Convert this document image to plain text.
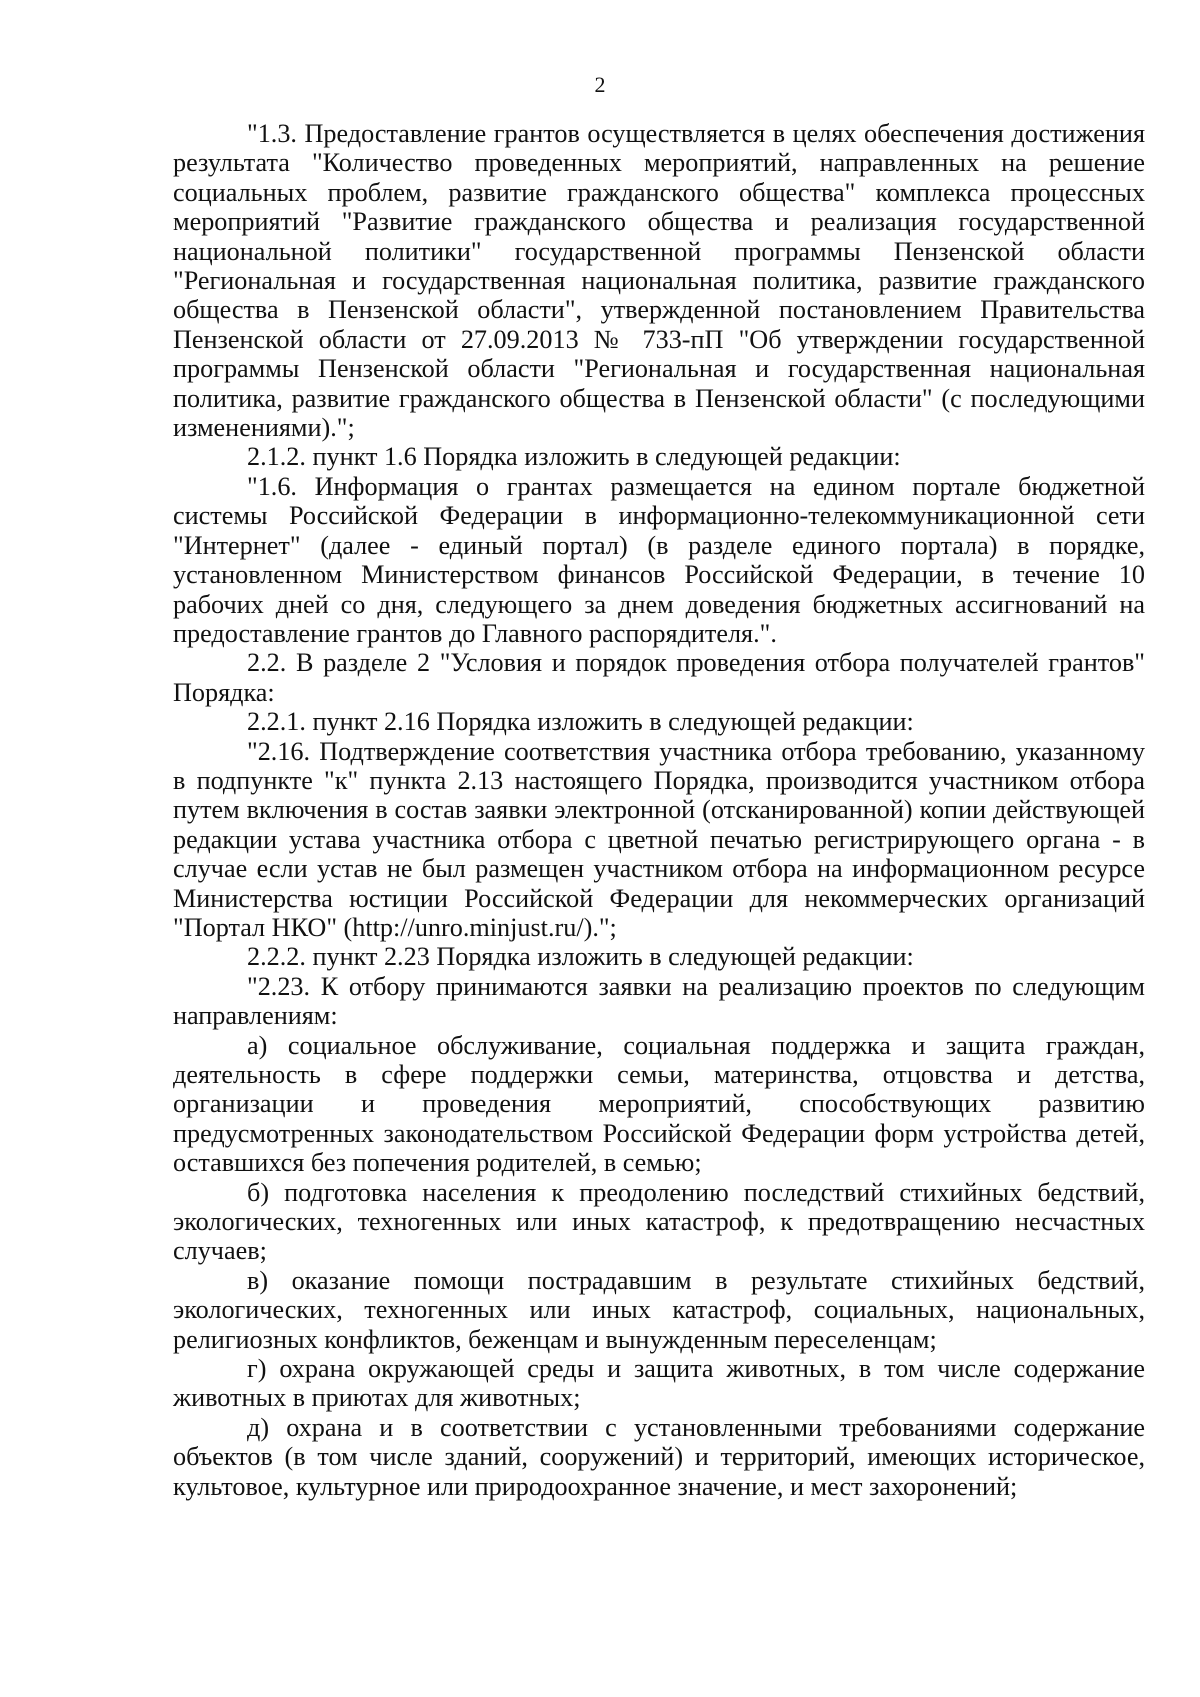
2

"1.3. Предоставление грантов осуществляется в целях обеспечения достижения результата "Количество проведенных мероприятий, направленных на решение социальных проблем, развитие гражданского общества" комплекса процессных мероприятий "Развитие гражданского общества и реализация государственной национальной политики" государственной программы Пензенской области "Региональная и государственная национальная политика, развитие гражданского общества в Пензенской области", утвержденной постановлением Правительства Пензенской области от 27.09.2013 № 733-пП "Об утверждении государственной программы Пензенской области "Региональная и государственная национальная политика, развитие гражданского общества в Пензенской области" (с последующими изменениями).";

2.1.2. пункт 1.6 Порядка изложить в следующей редакции:

"1.6. Информация о грантах размещается на едином портале бюджетной системы Российской Федерации в информационно-телекоммуникационной сети "Интернет" (далее - единый портал) (в разделе единого портала) в порядке, установленном Министерством финансов Российской Федерации, в течение 10 рабочих дней со дня, следующего за днем доведения бюджетных ассигнований на предоставление грантов до Главного распорядителя.".

2.2. В разделе 2 "Условия и порядок проведения отбора получателей грантов" Порядка:

2.2.1. пункт 2.16 Порядка изложить в следующей редакции:

"2.16. Подтверждение соответствия участника отбора требованию, указанному в подпункте "к" пункта 2.13 настоящего Порядка, производится участником отбора путем включения в состав заявки электронной (отсканированной) копии действующей редакции устава участника отбора с цветной печатью регистрирующего органа - в случае если устав не был размещен участником отбора на информационном ресурсе Министерства юстиции Российской Федерации для некоммерческих организаций "Портал НКО" (http://unro.minjust.ru/).";

2.2.2. пункт 2.23 Порядка изложить в следующей редакции:

"2.23. К отбору принимаются заявки на реализацию проектов по следующим направлениям:

а) социальное обслуживание, социальная поддержка и защита граждан, деятельность в сфере поддержки семьи, материнства, отцовства и детства, организации и проведения мероприятий, способствующих развитию предусмотренных законодательством Российской Федерации форм устройства детей, оставшихся без попечения родителей, в семью;

б) подготовка населения к преодолению последствий стихийных бедствий, экологических, техногенных или иных катастроф, к предотвращению несчастных случаев;

в) оказание помощи пострадавшим в результате стихийных бедствий, экологических, техногенных или иных катастроф, социальных, национальных, религиозных конфликтов, беженцам и вынужденным переселенцам;

г) охрана окружающей среды и защита животных, в том числе содержание животных в приютах для животных;

д) охрана и в соответствии с установленными требованиями содержание объектов (в том числе зданий, сооружений) и территорий, имеющих историческое, культовое, культурное или природоохранное значение, и мест захоронений;
